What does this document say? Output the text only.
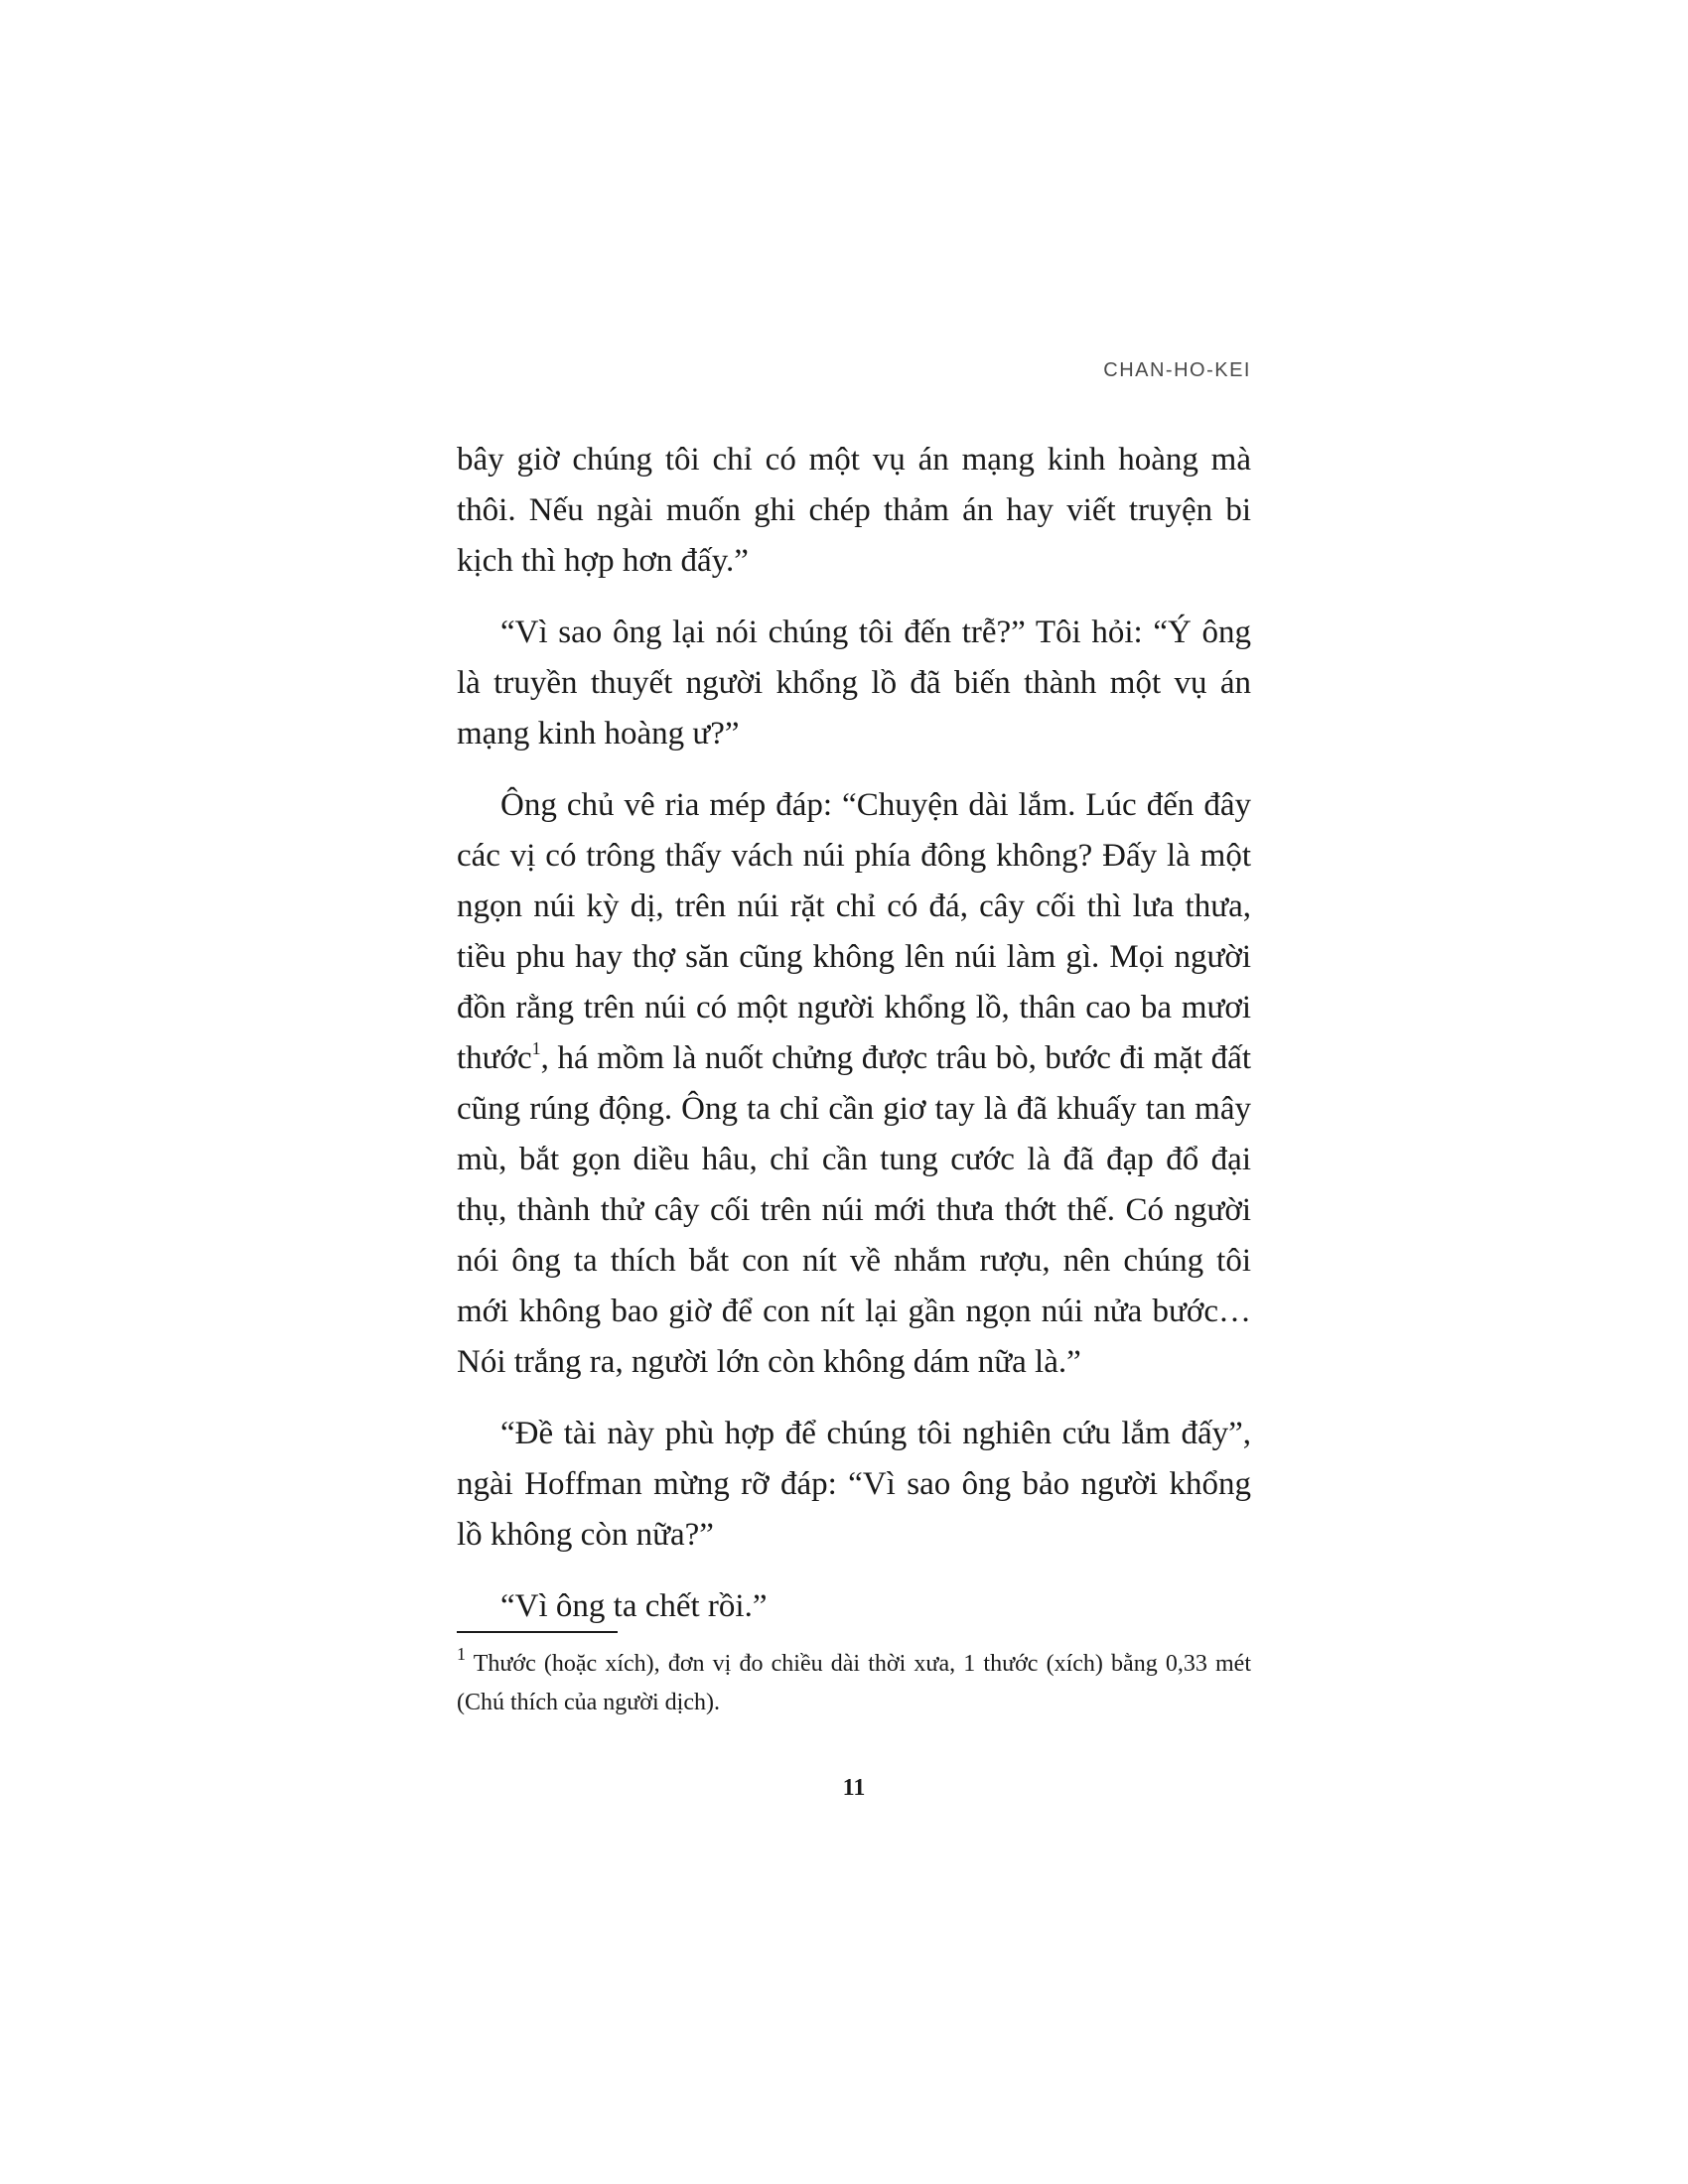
CHAN-HO-KEI

bây giờ chúng tôi chỉ có một vụ án mạng kinh hoàng mà thôi. Nếu ngài muốn ghi chép thảm án hay viết truyện bi kịch thì hợp hơn đấy.”

“Vì sao ông lại nói chúng tôi đến trễ?” Tôi hỏi: “Ý ông là truyền thuyết người khổng lồ đã biến thành một vụ án mạng kinh hoàng ư?”

Ông chủ vê ria mép đáp: “Chuyện dài lắm. Lúc đến đây các vị có trông thấy vách núi phía đông không? Đấy là một ngọn núi kỳ dị, trên núi rặt chỉ có đá, cây cối thì lưa thưa, tiều phu hay thợ săn cũng không lên núi làm gì. Mọi người đồn rằng trên núi có một người khổng lồ, thân cao ba mươi thước$^1$, há mồm là nuốt chửng được trâu bò, bước đi mặt đất cũng rúng động. Ông ta chỉ cần giơ tay là đã khuấy tan mây mù, bắt gọn diều hâu, chỉ cần tung cước là đã đạp đổ đại thụ, thành thử cây cối trên núi mới thưa thớt thế. Có người nói ông ta thích bắt con nít về nhắm rượu, nên chúng tôi mới không bao giờ để con nít lại gần ngọn núi nửa bước… Nói trắng ra, người lớn còn không dám nữa là.”

“Đề tài này phù hợp để chúng tôi nghiên cứu lắm đấy”, ngài Hoffman mừng rỡ đáp: “Vì sao ông bảo người khổng lồ không còn nữa?”

“Vì ông ta chết rồi.”

$^1$ Thước (hoặc xích), đơn vị đo chiều dài thời xưa, 1 thước (xích) bằng 0,33 mét (Chú thích của người dịch).

11
